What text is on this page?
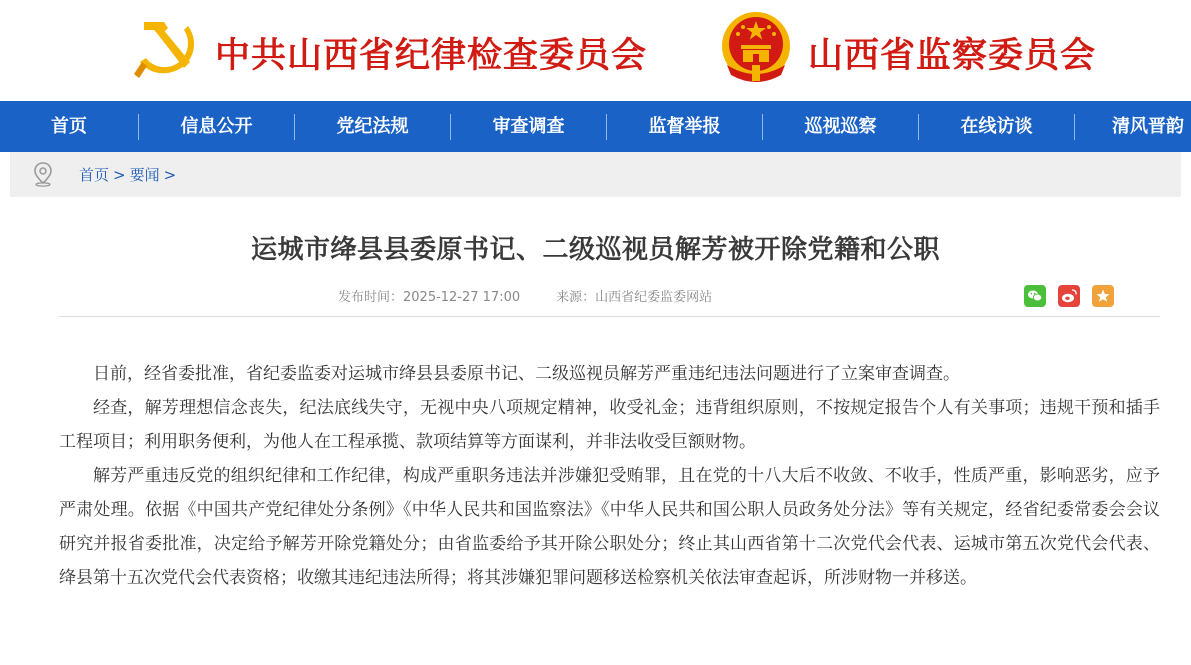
中共山西省纪律检查委员会	山西省监察委员会
首页	信息公开	党纪法规	审查调查	监督举报	巡视巡察	在线访谈	清风晋韵
首页 > 要闻 >
运城市绛县县委原书记、二级巡视员解芳被开除党籍和公职
发布时间：2025-12-27 17:00	来源：山西省纪委监委网站

日前，经省委批准，省纪委监委对运城市绛县县委原书记、二级巡视员解芳严重违纪违法问题进行了立案审查调查。

经查，解芳理想信念丧失，纪法底线失守，无视中央八项规定精神，收受礼金；违背组织原则，不按规定报告个人有关事项；违规干预和插手工程项目；利用职务便利，为他人在工程承揽、款项结算等方面谋利，并非法收受巨额财物。

解芳严重违反党的组织纪律和工作纪律，构成严重职务违法并涉嫌犯受贿罪，且在党的十八大后不收敛、不收手，性质严重，影响恶劣，应予严肃处理。依据《中国共产党纪律处分条例》《中华人民共和国监察法》《中华人民共和国公职人员政务处分法》等有关规定，经省纪委常委会会议研究并报省委批准，决定给予解芳开除党籍处分；由省监委给予其开除公职处分；终止其山西省第十二次党代会代表、运城市第五次党代会代表、绛县第十五次党代会代表资格；收缴其违纪违法所得；将其涉嫌犯罪问题移送检察机关依法审查起诉，所涉财物一并移送。
